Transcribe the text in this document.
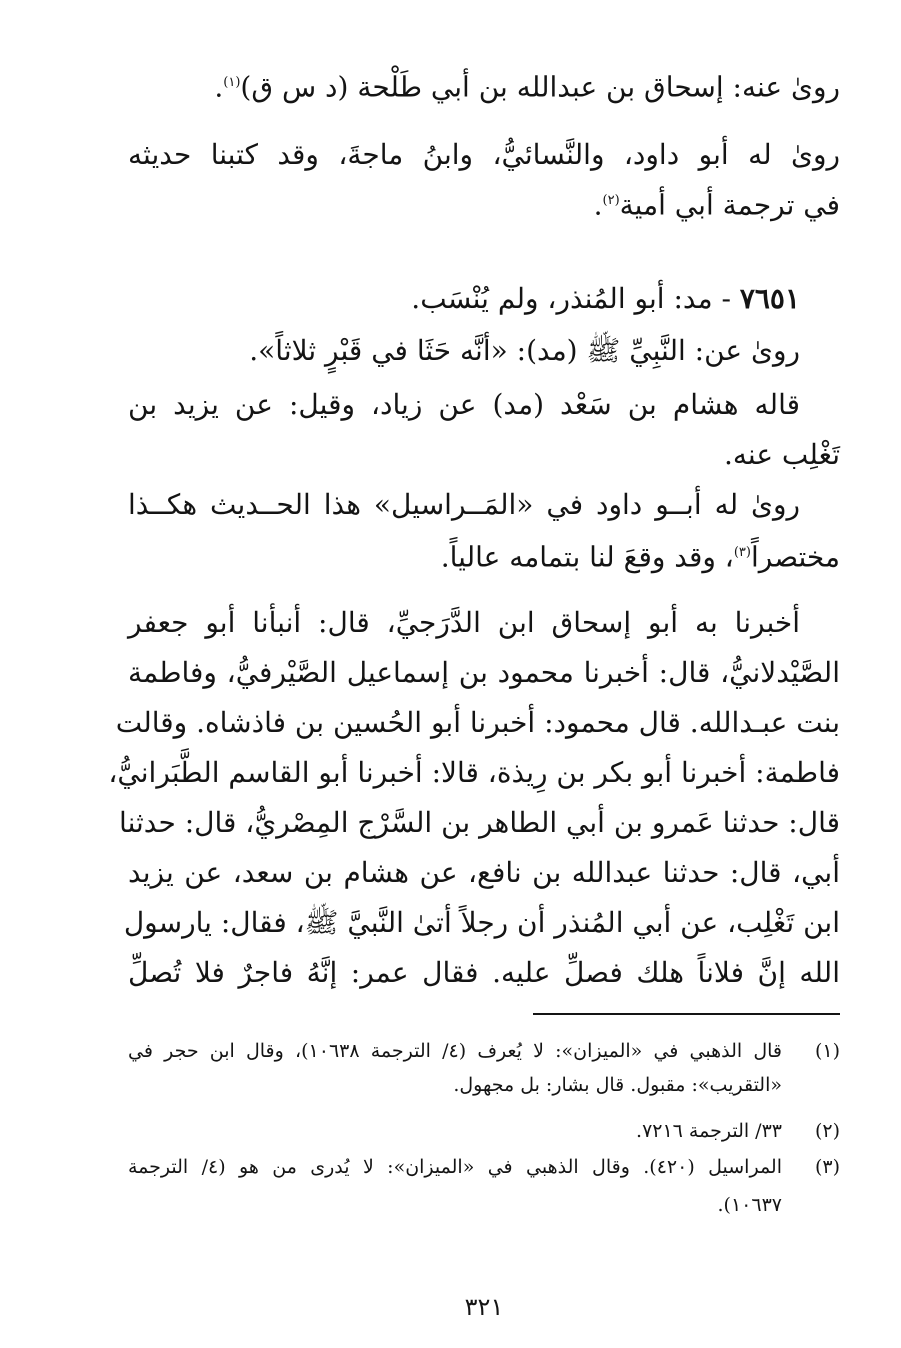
روىٰ عنه: إسحاق بن عبدالله بن أبي طَلْحة (د س ق)$^{(١)}$.
روىٰ له أبو داود، والنَّسائيُّ، وابنُ ماجةَ، وقد كتبنا حديثه
في ترجمة أبي أمية$^{(٢)}$.
٧٦٥١ - مد: أبو المُنذر، ولم يُنْسَب.
روىٰ عن: النَّبِيِّ ﷺ (مد): «أنَّه حَثَا في قَبْرٍ ثلاثاً».
قاله هشام بن سَعْد (مد) عن زياد، وقيل: عن يزيد بن
تَغْلِب عنه.
روىٰ له أبــو داود في «المَــراسيل» هذا الحــديث هكــذا
مختصراً$^{(٣)}$، وقد وقعَ لنا بتمامه عالياً.
أخبرنا به أبو إسحاق ابن الدَّرَجيِّ، قال: أنبأنا أبو جعفر
الصَّيْدلانيُّ، قال: أخبرنا محمود بن إسماعيل الصَّيْرفيُّ، وفاطمة
بنت عبـدالله. قال محمود: أخبرنا أبو الحُسين بن فاذشاه. وقالت
فاطمة: أخبرنا أبو بكر بن رِيذة، قالا: أخبرنا أبو القاسم الطَّبَرانيُّ،
قال: حدثنا عَمرو بن أبي الطاهر بن السَّرْج المِصْريُّ، قال: حدثنا
أبي، قال: حدثنا عبدالله بن نافع، عن هشام بن سعد، عن يزيد
ابن تَغْلِب، عن أبي المُنذر أن رجلاً أتىٰ النَّبيَّ ﷺ، فقال: يارسول
الله إنَّ فلاناً هلك فصلِّ عليه. فقال عمر: إنَّهُ فاجرٌ فلا تُصلِّ
(١)
قال الذهبي في «الميزان»: لا يُعرف (٤/ الترجمة ١٠٦٣٨)، وقال ابن حجر في
«التقريب»: مقبول. قال بشار: بل مجهول.
(٢)
٣٣/ الترجمة ٧٢١٦.
(٣)
المراسيل (٤٢٠). وقال الذهبي في «الميزان»: لا يُدرى من هو (٤/ الترجمة
١٠٦٣٧).
٣٢١
